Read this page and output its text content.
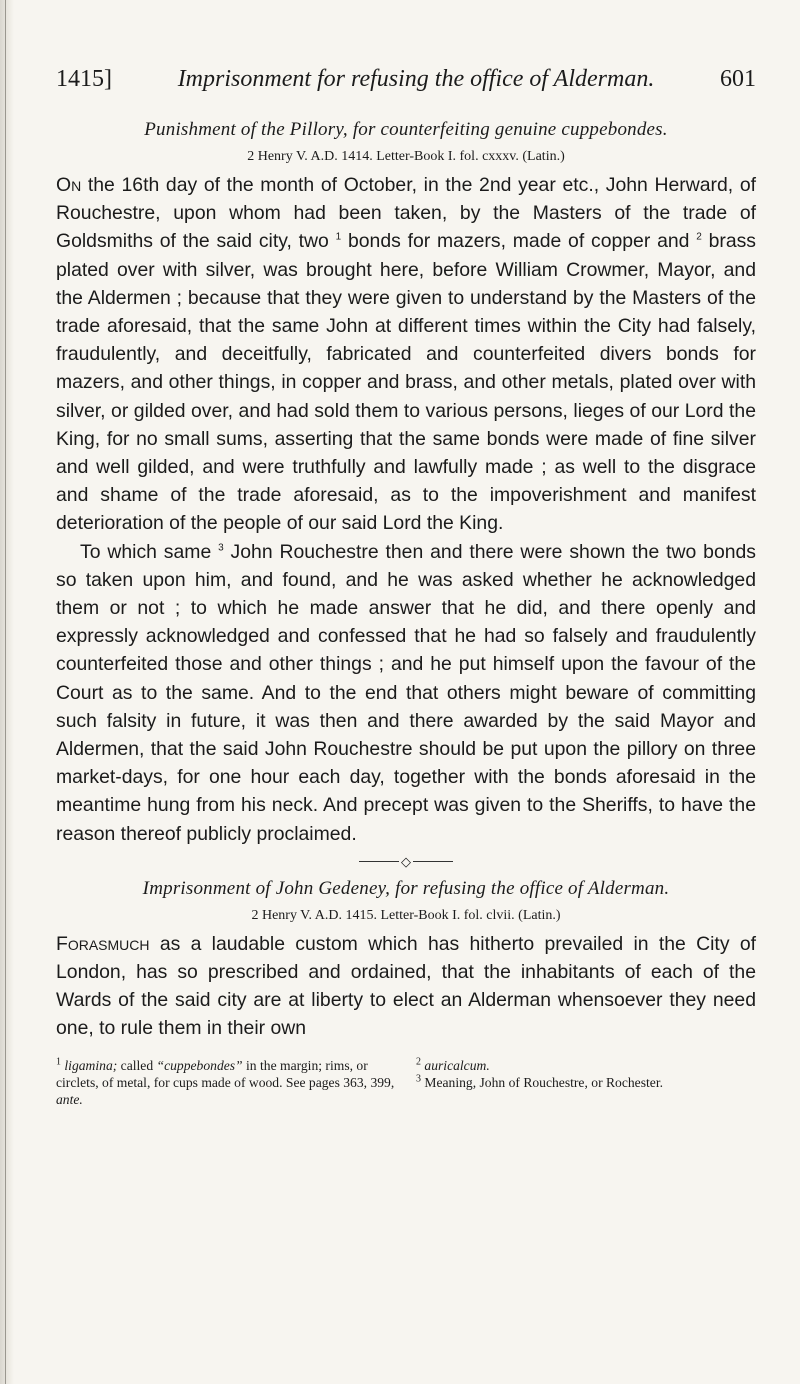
1415]	Imprisonment for refusing the office of Alderman.	601
Punishment of the Pillory, for counterfeiting genuine cuppebondes.
2 Henry V. A.D. 1414. Letter-Book I. fol. cxxxv. (Latin.)

On the 16th day of the month of October, in the 2nd year etc., John Herward, of Rouchestre, upon whom had been taken, by the Masters of the trade of Goldsmiths of the said city, two $^1$ bonds for mazers, made of copper and $^2$ brass plated over with silver, was brought here, before William Crowmer, Mayor, and the Aldermen ; because that they were given to understand by the Masters of the trade aforesaid, that the same John at different times within the City had falsely, fraudulently, and deceitfully, fabricated and counterfeited divers bonds for mazers, and other things, in copper and brass, and other metals, plated over with silver, or gilded over, and had sold them to various persons, lieges of our Lord the King, for no small sums, asserting that the same bonds were made of fine silver and well gilded, and were truthfully and lawfully made ; as well to the disgrace and shame of the trade aforesaid, as to the impoverishment and manifest deterioration of the people of our said Lord the King.

To which same $^3$ John Rouchestre then and there were shown the two bonds so taken upon him, and found, and he was asked whether he acknowledged them or not ; to which he made answer that he did, and there openly and expressly acknowledged and confessed that he had so falsely and fraudulently counterfeited those and other things ; and he put himself upon the favour of the Court as to the same. And to the end that others might beware of committing such falsity in future, it was then and there awarded by the said Mayor and Aldermen, that the said John Rouchestre should be put upon the pillory on three market-days, for one hour each day, together with the bonds aforesaid in the meantime hung from his neck. And precept was given to the Sheriffs, to have the reason thereof publicly proclaimed.

◇
Imprisonment of John Gedeney, for refusing the office of Alderman.
2 Henry V. A.D. 1415. Letter-Book I. fol. clvii. (Latin.)

Forasmuch as a laudable custom which has hitherto prevailed in the City of London, has so prescribed and ordained, that the inhabitants of each of the Wards of the said city are at liberty to elect an Alderman whensoever they need one, to rule them in their own

$^1$ ligamina; called “cuppebondes” in the margin; rims, or circlets, of metal, for cups made of wood. See pages 363, 399, ante.
$^2$ auricalcum.
$^3$ Meaning, John of Rouchestre, or Rochester.
